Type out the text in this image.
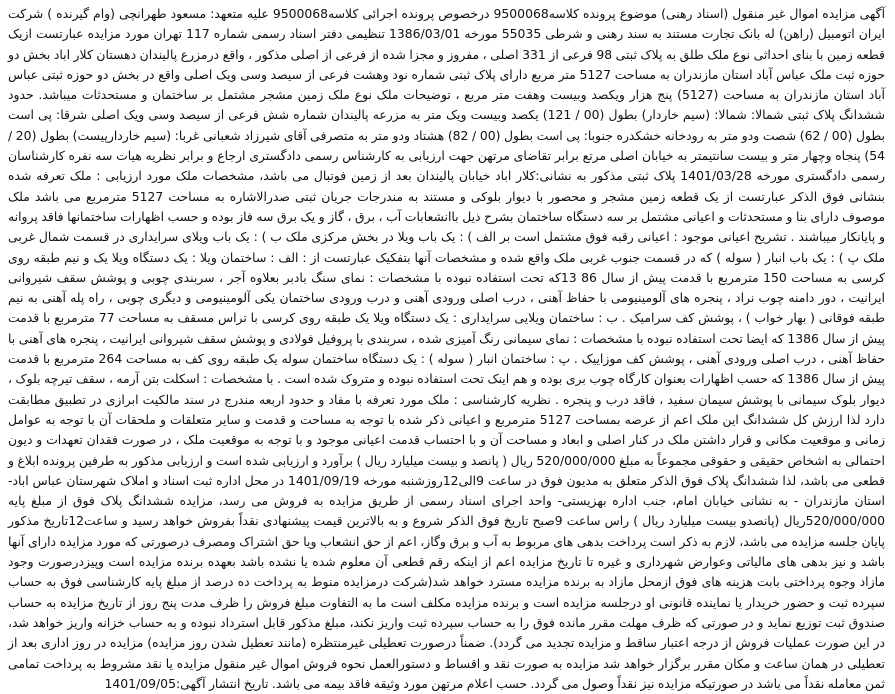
آگهی مزایده اموال غیر منقول (اسناد رهنی) موضوع پرونده کلاسه9500068 درخصوص پرونده اجرائی کلاسه9500068 علیه متعهد: مسعود طهرانچی (وام گیرنده ) شرکت ایران اتومبیل (راهن) له بانک تجارت مستند به سند رهنی و شرطی 55035 مورخه 1386/03/01 تنظیمی دفتر اسناد رسمی شماره 117 تهران مورد مزایده عبارتست ازیک قطعه زمین با بنای احداثی نوع ملک طلق به پلاک ثبتی 98 فرعی از 331 اصلی ، مفروز و مجزا شده از فرعی از اصلی مذکور ، واقع درمزرع پالیندان دهستان کلار اباد بخش دو حوزه ثبت ملک عباس آباد استان مازندران به مساحت 5127 متر مربع دارای پلاک ثبتی شماره نود وهشت فرعی از سیصد وسی ویک اصلی واقع در بخش دو حوزه ثبتی عباس آباد استان مازندران به مساحت (5127) پنج هزار ویکصد وبیست وهفت متر مربع ، توضیحات ملک نوع ملک زمین مشجر مشتمل بر ساختمان و مستحدثات میباشد. حدود ششدانگ پلاک ثبتی شمالا: شمالا: (سیم خاردار) بطول (00 / 121) یکصد وبیست ویک متر به مزرعه پالیندان شماره شش فرعی از سیصد وسی ویک اصلی شرقا: پی است بطول (00 / 62) شصت ودو متر به رودخانه خشکدره جنوبا: پی است بطول (00 / 82) هشتاد ودو متر به متصرفی آقای شیرزاد شعبانی غربا: (سیم خاردارپیست) بطول (20 / 54) پنجاه وچهار متر و بیست سانتیمتر به خیابان اصلی مرتع برابر تقاضای مرتهن جهت ارزیابی به کارشناس رسمی دادگستری ارجاع و برابر نظریه هیات سه نفره کارشناسان رسمی دادگستری مورخه 1401/03/28 پلاک ثبتی مذکور به نشانی:کلار اباد خیابان پالیندان بعد از زمین فوتبال می باشد، مشخصات ملک مورد ارزیابی : ملک تعرفه شده بنشانی فوق الذکر عبارتست از یک قطعه زمین مشجر و محصور با دیوار بلوکی و مستند به مندرجات جریان ثبتی صدرالاشاره به مساحت 5127 مترمربع می باشد ملک موصوف دارای بنا و مستحدثات و اعیانی مشتمل بر سه دستگاه ساختمان بشرح ذیل باانشعابات آب ، برق ، گاز و یک برق سه فاز بوده و حسب اظهارات ساختمانها فاقد پروانه و پایانکار میباشند . تشریح اعیانی موجود : اعیانی رقبه فوق مشتمل است بر الف ) : یک باب ویلا در بخش مرکزی ملک ب ) : یک باب ویلای سرایداری در قسمت شمال غربی ملک پ ) : یک باب انبار ( سوله ) که در قسمت جنوب غربی ملک واقع شده و مشخصات آنها بتفکیک عبارتست از : الف : ساختمان ویلا : یک دستگاه ویلا یک و نیم طبقه روی کرسی به مساحت 150 مترمربع با قدمت پیش از سال 86 13که تحت استفاده نبوده با مشخصات : نمای سنگ بادبر بعلاوه آجر ، سربندی چوبی و پوشش سقف شیروانی ایرانیت ، دور دامنه چوب نراد ، پنجره های آلومینیومی با حفاظ آهنی ، درب اصلی ورودی آهنی و درب ورودی ساختمان یکی آلومینیومی و دیگری چوبی ، راه پله آهنی به نیم طبقه فوقانی ( بهار خواب ) ، پوشش کف سرامیک . ب : ساختمان ویلایی سرایداری : یک دستگاه ویلا یک طبقه روی کرسی با تراس مسقف به مساحت 77 مترمربع با قدمت پیش از سال 1386 که ایضا تحت استفاده نبوده با مشخصات : نمای سیمانی رنگ آمیزی شده ، سربندی با پروفیل فولادی و پوشش سقف شیروانی ایرانیت ، پنجره های آهنی با حفاظ آهنی ، درب اصلی ورودی آهنی ، پوشش کف موزاییک . پ : ساختمان انبار ( سوله ) : یک دستگاه ساختمان سوله یک طبقه روی کف به مساحت 264 مترمربع با قدمت پیش از سال 1386 که حسب اظهارات بعنوان کارگاه چوب بری بوده و هم اینک تحت استفاده نبوده و متروک شده است . با مشخصات : اسکلت بتن آرمه ، سقف تیرچه بلوک ، دیوار بلوک سیمانی با پوشش سیمان سفید ، فاقد درب و پنجره . نظریه کارشناسی : ملک مورد تعرفه با مفاد و حدود اربعه مندرج در سند مالکیت ابرازی در تطبیق مطابقت دارد لذا ارزش کل ششدانگ این ملک اعم از عرصه بمساحت 5127 مترمربع و اعیانی ذکر شده با توجه به مساحت و قدمت و سایر متعلقات و ملحقات آن با توجه به عوامل زمانی و موقعیت مکانی و قرار داشتن ملک در کنار اصلی و ابعاد و مساحت آن و با احتساب قدمت اعیانی موجود و با توجه به موقعیت ملک ، در صورت فقدان تعهدات و دیون احتمالی به اشخاص حقیقی و حقوقی مجموعاً به مبلغ 520/000/000 ریال ( پانصد و بیست میلیارد ریال ) برآورد و ارزیابی شده است و ارزیابی مذکور به طرفین پرونده ابلاغ و قطعی می باشد، لذا ششدانگ پلاک فوق الذکر متعلق به مدیون فوق در ساعت 9الی12روزشنبه مورخه 1401/09/19 در محل اداره ثبت اسناد و املاک شهرستان عباس اباد- استان مازندران - به نشانی خیابان امام، جنب اداره بهزیستی- واحد اجرای اسناد رسمی از طریق مزایده به فروش می رسد، مزایده ششدانگ پلاک فوق از مبلغ پایه 520/000/000ریال (پانصدو بیست میلیارد ریال ) راس ساعت 9صبح تاریخ فوق الذکر شروع و به بالاترین قیمت پیشنهادی نقداً بفروش خواهد رسید و ساعت12تاریخ مذکور پایان جلسه مزایده می باشد، لازم به ذکر است پرداخت بدهی های مربوط به آب و برق وگاز، اعم از حق انشعاب ویا حق اشتراک ومصرف درصورتی که مورد مزایده دارای آنها باشد و نیز بدهی های مالیاتی وعوارض شهرداری و غیره تا تاریخ مزایده اعم از اینکه رقم قطعی آن معلوم شده یا نشده باشد بعهده برنده مزایده است وپیزدرصورت وجود مازاد وجوه پرداختی بابت هزینه های فوق ازمحل مازاد به برنده مزایده مسترد خواهد شد(شرکت درمزایده منوط به پرداخت ده درصد از مبلغ پایه کارشناسی فوق به حساب سپرده ثبت و حضور خریدار یا نماینده قانونی او درجلسه مزایده است و برنده مزایده مکلف است ما به التفاوت مبلغ فروش را ظرف مدت پنج روز از تاریخ مزایده به حساب صندوق ثبت توزیع نماید و در صورتی که ظرف مهلت مقرر مانده فوق را به حساب سپرده ثبت واریز نکند، مبلغ مذکور قابل استرداد نبوده و به حساب خزانه واریز خواهد شد، در این صورت عملیات فروش از درجه اعتبار ساقط و مزایده تجدید می گردد). ضمناً درصورت تعطیلی غیرمنتظره (مانند تعطیل شدن روز مزایده) مزایده در روز اداری بعد از تعطیلی در همان ساعت و مکان مقرر برگزار خواهد شد مزایده به صورت نقد و اقساط و دستورالعمل نحوه فروش اموال غیر منقول مزایده یا نقد مشروط به پرداخت تمامی ثمن معامله نقداً می باشد در صورتیکه مزایده نیز نقداً وصول می گردد. حسب اعلام مرتهن مورد وثیقه فاقد بیمه می باشد. تاریخ انتشار آگهی:1401/09/05
